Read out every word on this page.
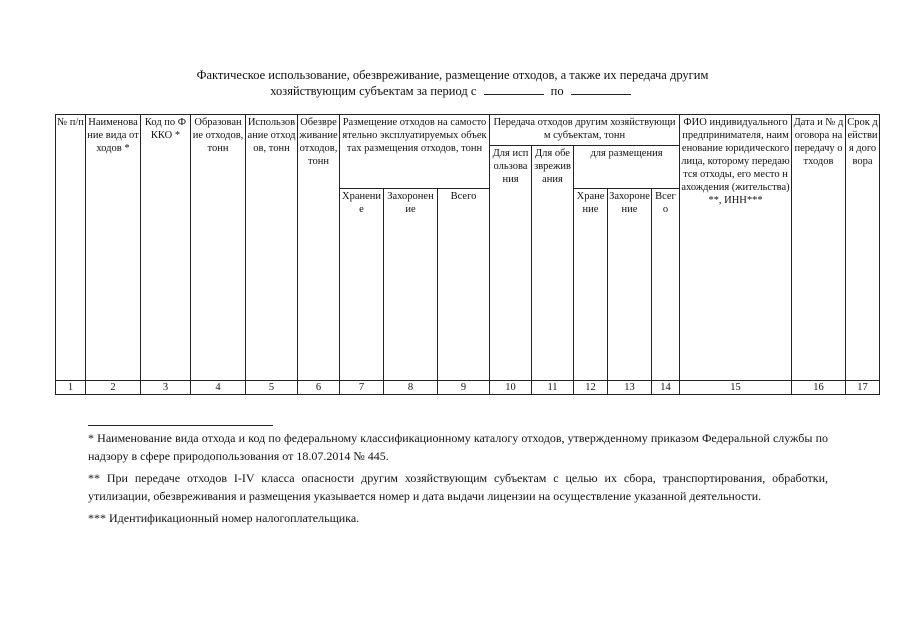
Фактическое использование, обезвреживание, размещение отходов, а также их передача другим
хозяйствующим субъектам за период с	по
№ п/п	Наименование вида отходов *	Код по ФККО *	Образование отходов, тонн	Использование отходов, тонн	Обезвреживание отходов, тонн	Размещение отходов на самостоятельно эксплуатируемых объектах размещения отходов, тонн			Передача отходов другим хозяйствующим субъектам, тонн					ФИО индивидуального предпринимателя, наименование юридического лица, которому передаются отходы, его место нахождения (жительства)**, ИНН***	Дата и № договора на передачу отходов	Срок действия договора
									Для использования	Для обезвреживания	для размещения					
						Хранение	Захоронение	Всего			Хранение	Захоронение	Всего			

1	2	3	4	5	6	7	8	9	10	11	12	13	14	15	16	17

* Наименование вида отхода и код по федеральному классификационному каталогу отходов, утвержденному приказом Федеральной службы по надзору в сфере природопользования от 18.07.2014 № 445.

** При передаче отходов I-IV класса опасности другим хозяйствующим субъектам с целью их сбора, транспортирования, обработки, утилизации, обезвреживания и размещения указывается номер и дата выдачи лицензии на осуществление указанной деятельности.

*** Идентификационный номер налогоплательщика.
